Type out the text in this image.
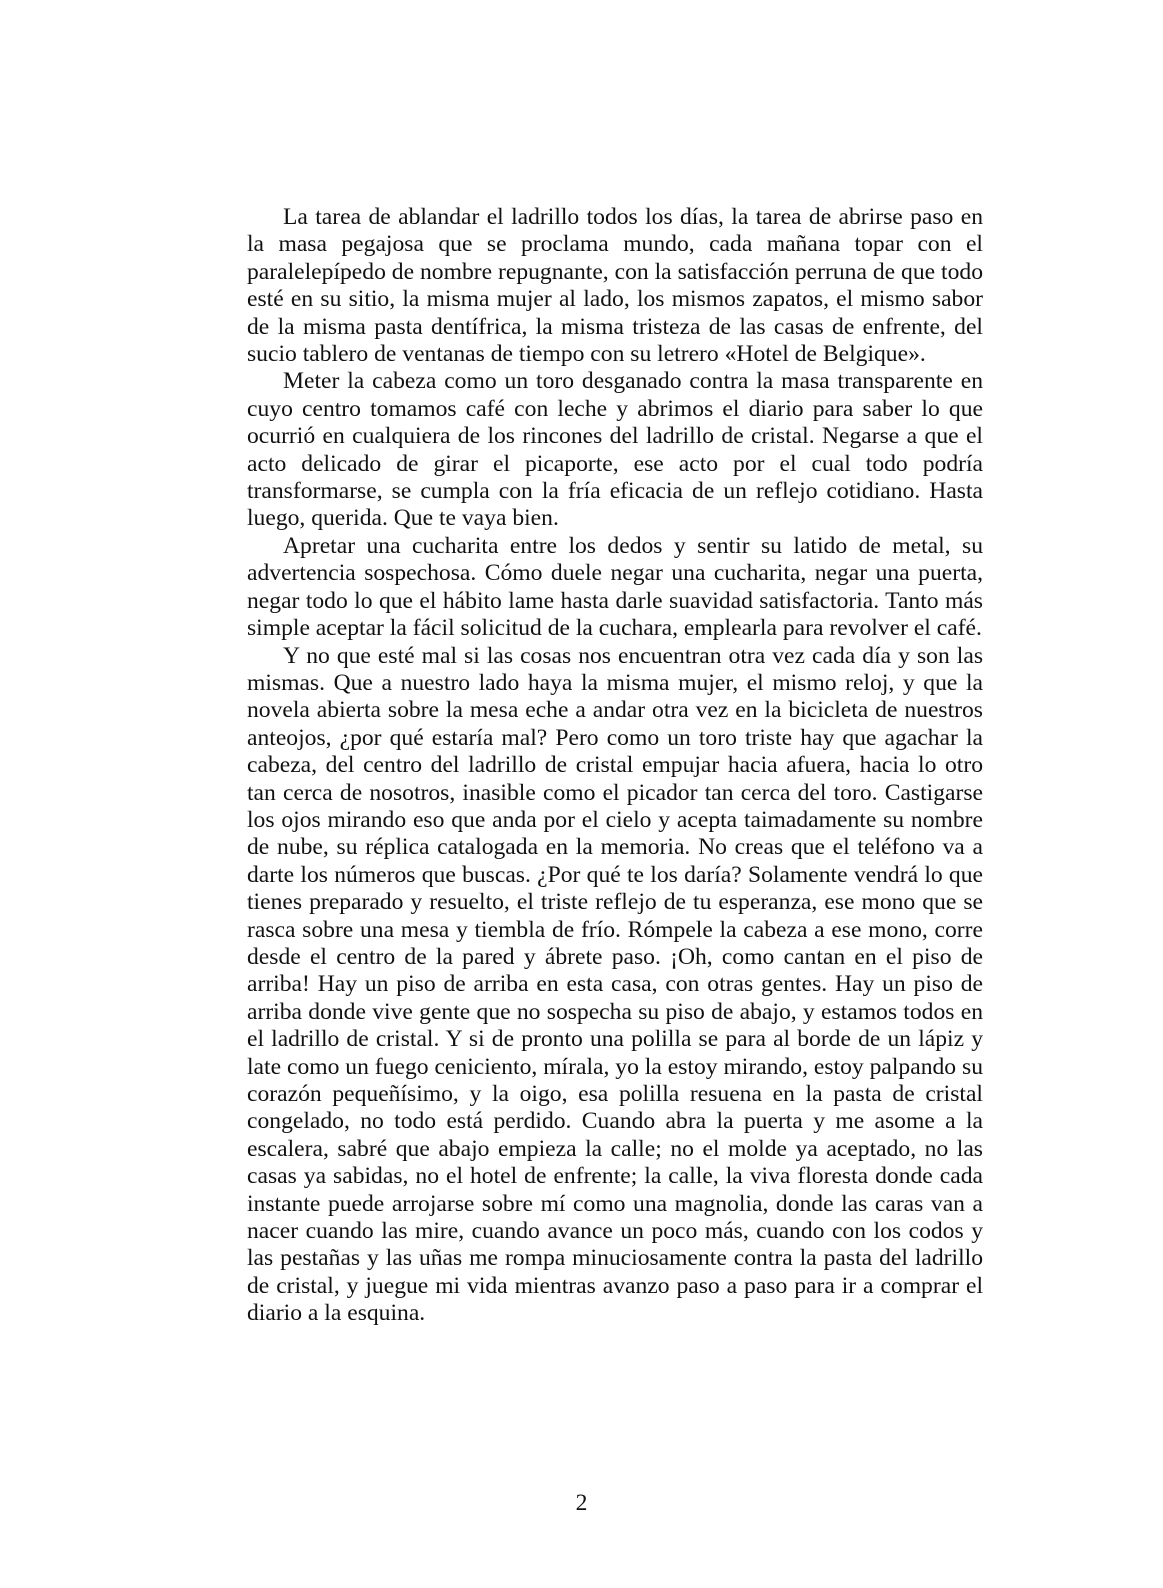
La tarea de ablandar el ladrillo todos los días, la tarea de abrirse paso en la masa pegajosa que se proclama mundo, cada mañana topar con el paralelepípedo de nombre repugnante, con la satisfacción perruna de que todo esté en su sitio, la misma mujer al lado, los mismos zapatos, el mismo sabor de la misma pasta dentífrica, la misma tristeza de las casas de enfrente, del sucio tablero de ventanas de tiempo con su letrero «Hotel de Belgique».

Meter la cabeza como un toro desganado contra la masa transparente en cuyo centro tomamos café con leche y abrimos el diario para saber lo que ocurrió en cualquiera de los rincones del ladrillo de cristal. Negarse a que el acto delicado de girar el picaporte, ese acto por el cual todo podría transformarse, se cumpla con la fría eficacia de un reflejo cotidiano. Hasta luego, querida. Que te vaya bien.

Apretar una cucharita entre los dedos y sentir su latido de metal, su advertencia sospechosa. Cómo duele negar una cucharita, negar una puerta, negar todo lo que el hábito lame hasta darle suavidad satisfactoria. Tanto más simple aceptar la fácil solicitud de la cuchara, emplearla para revolver el café.

Y no que esté mal si las cosas nos encuentran otra vez cada día y son las mismas. Que a nuestro lado haya la misma mujer, el mismo reloj, y que la novela abierta sobre la mesa eche a andar otra vez en la bicicleta de nuestros anteojos, ¿por qué estaría mal? Pero como un toro triste hay que agachar la cabeza, del centro del ladrillo de cristal empujar hacia afuera, hacia lo otro tan cerca de nosotros, inasible como el picador tan cerca del toro. Castigarse los ojos mirando eso que anda por el cielo y acepta taimadamente su nombre de nube, su réplica catalogada en la memoria. No creas que el teléfono va a darte los números que buscas. ¿Por qué te los daría? Solamente vendrá lo que tienes preparado y resuelto, el triste reflejo de tu esperanza, ese mono que se rasca sobre una mesa y tiembla de frío. Rómpele la cabeza a ese mono, corre desde el centro de la pared y ábrete paso. ¡Oh, como cantan en el piso de arriba! Hay un piso de arriba en esta casa, con otras gentes. Hay un piso de arriba donde vive gente que no sospecha su piso de abajo, y estamos todos en el ladrillo de cristal. Y si de pronto una polilla se para al borde de un lápiz y late como un fuego ceniciento, mírala, yo la estoy mirando, estoy palpando su corazón pequeñísimo, y la oigo, esa polilla resuena en la pasta de cristal congelado, no todo está perdido. Cuando abra la puerta y me asome a la escalera, sabré que abajo empieza la calle; no el molde ya aceptado, no las casas ya sabidas, no el hotel de enfrente; la calle, la viva floresta donde cada instante puede arrojarse sobre mí como una magnolia, donde las caras van a nacer cuando las mire, cuando avance un poco más, cuando con los codos y las pestañas y las uñas me rompa minuciosamente contra la pasta del ladrillo de cristal, y juegue mi vida mientras avanzo paso a paso para ir a comprar el diario a la esquina.

2
